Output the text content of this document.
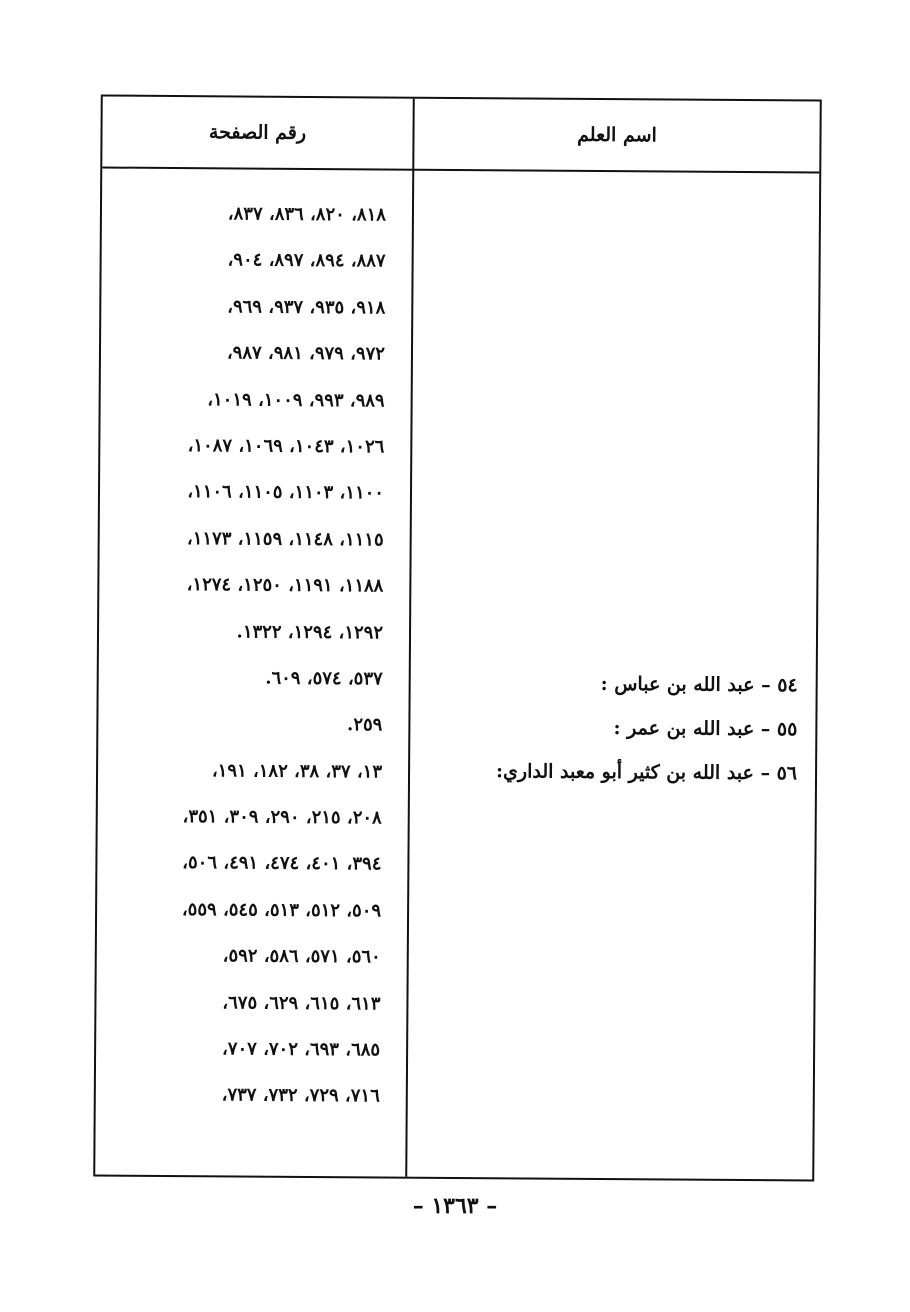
رقم الصفحة	اسم العلم
٨١٨، ٨٢٠، ٨٣٦، ٨٣٧،
٨٨٧، ٨٩٤، ٨٩٧، ٩٠٤،
٩١٨، ٩٣٥، ٩٣٧، ٩٦٩،
٩٧٢، ٩٧٩، ٩٨١، ٩٨٧،
٩٨٩، ٩٩٣، ١٠٠٩، ١٠١٩،
١٠٢٦، ١٠٤٣، ١٠٦٩، ١٠٨٧،
١١٠٠، ١١٠٣، ١١٠٥، ١١٠٦،
١١١٥، ١١٤٨، ١١٥٩، ١١٧٣،
١١٨٨، ١١٩١، ١٢٥٠، ١٢٧٤،
١٢٩٢، ١٢٩٤، ١٣٢٢.
٥٣٧، ٥٧٤، ٦٠٩.
٢٥٩.
١٣، ٣٧، ٣٨، ١٨٢، ١٩١،
٢٠٨، ٢١٥، ٢٩٠، ٣٠٩، ٣٥١،
٣٩٤، ٤٠١، ٤٧٤، ٤٩١، ٥٠٦،
٥٠٩، ٥١٢، ٥١٣، ٥٤٥، ٥٥٩،
٥٦٠، ٥٧١، ٥٨٦، ٥٩٢،
٦١٣، ٦١٥، ٦٢٩، ٦٧٥،
٦٨٥، ٦٩٣، ٧٠٢، ٧٠٧،
٧١٦، ٧٢٩، ٧٣٢، ٧٣٧،
٥٤ – عبد الله بن عباس :
٥٥ – عبد الله بن عمر :
٥٦ – عبد الله بن كثير أبو معبد الداري:
– ١٣٦٣ –
